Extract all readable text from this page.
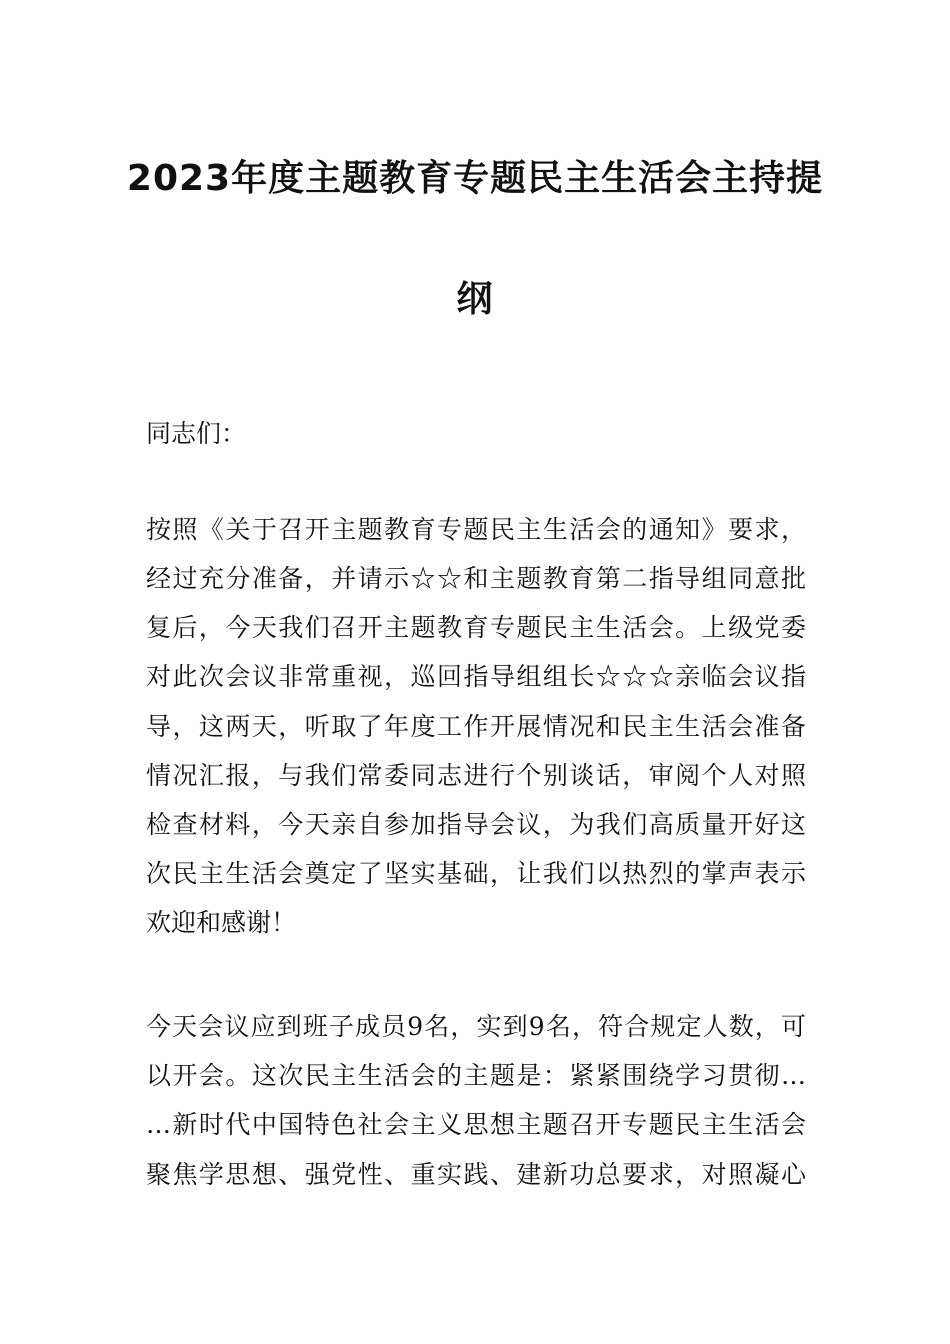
2023年度主题教育专题民主生活会主持提
纲
同志们：
按照《关于召开主题教育专题民主生活会的通知》要求，
经过充分准备，并请示☆☆和主题教育第二指导组同意批
复后，今天我们召开主题教育专题民主生活会。上级党委
对此次会议非常重视，巡回指导组组长☆☆☆亲临会议指
导，这两天，听取了年度工作开展情况和民主生活会准备
情况汇报，与我们常委同志进行个别谈话，审阅个人对照
检查材料，今天亲自参加指导会议，为我们高质量开好这
次民主生活会奠定了坚实基础，让我们以热烈的掌声表示
欢迎和感谢！
今天会议应到班子成员9名，实到9名，符合规定人数，可
以开会。这次民主生活会的主题是：紧紧围绕学习贯彻…
…新时代中国特色社会主义思想主题召开专题民主生活会
聚焦学思想、强党性、重实践、建新功总要求，对照凝心
